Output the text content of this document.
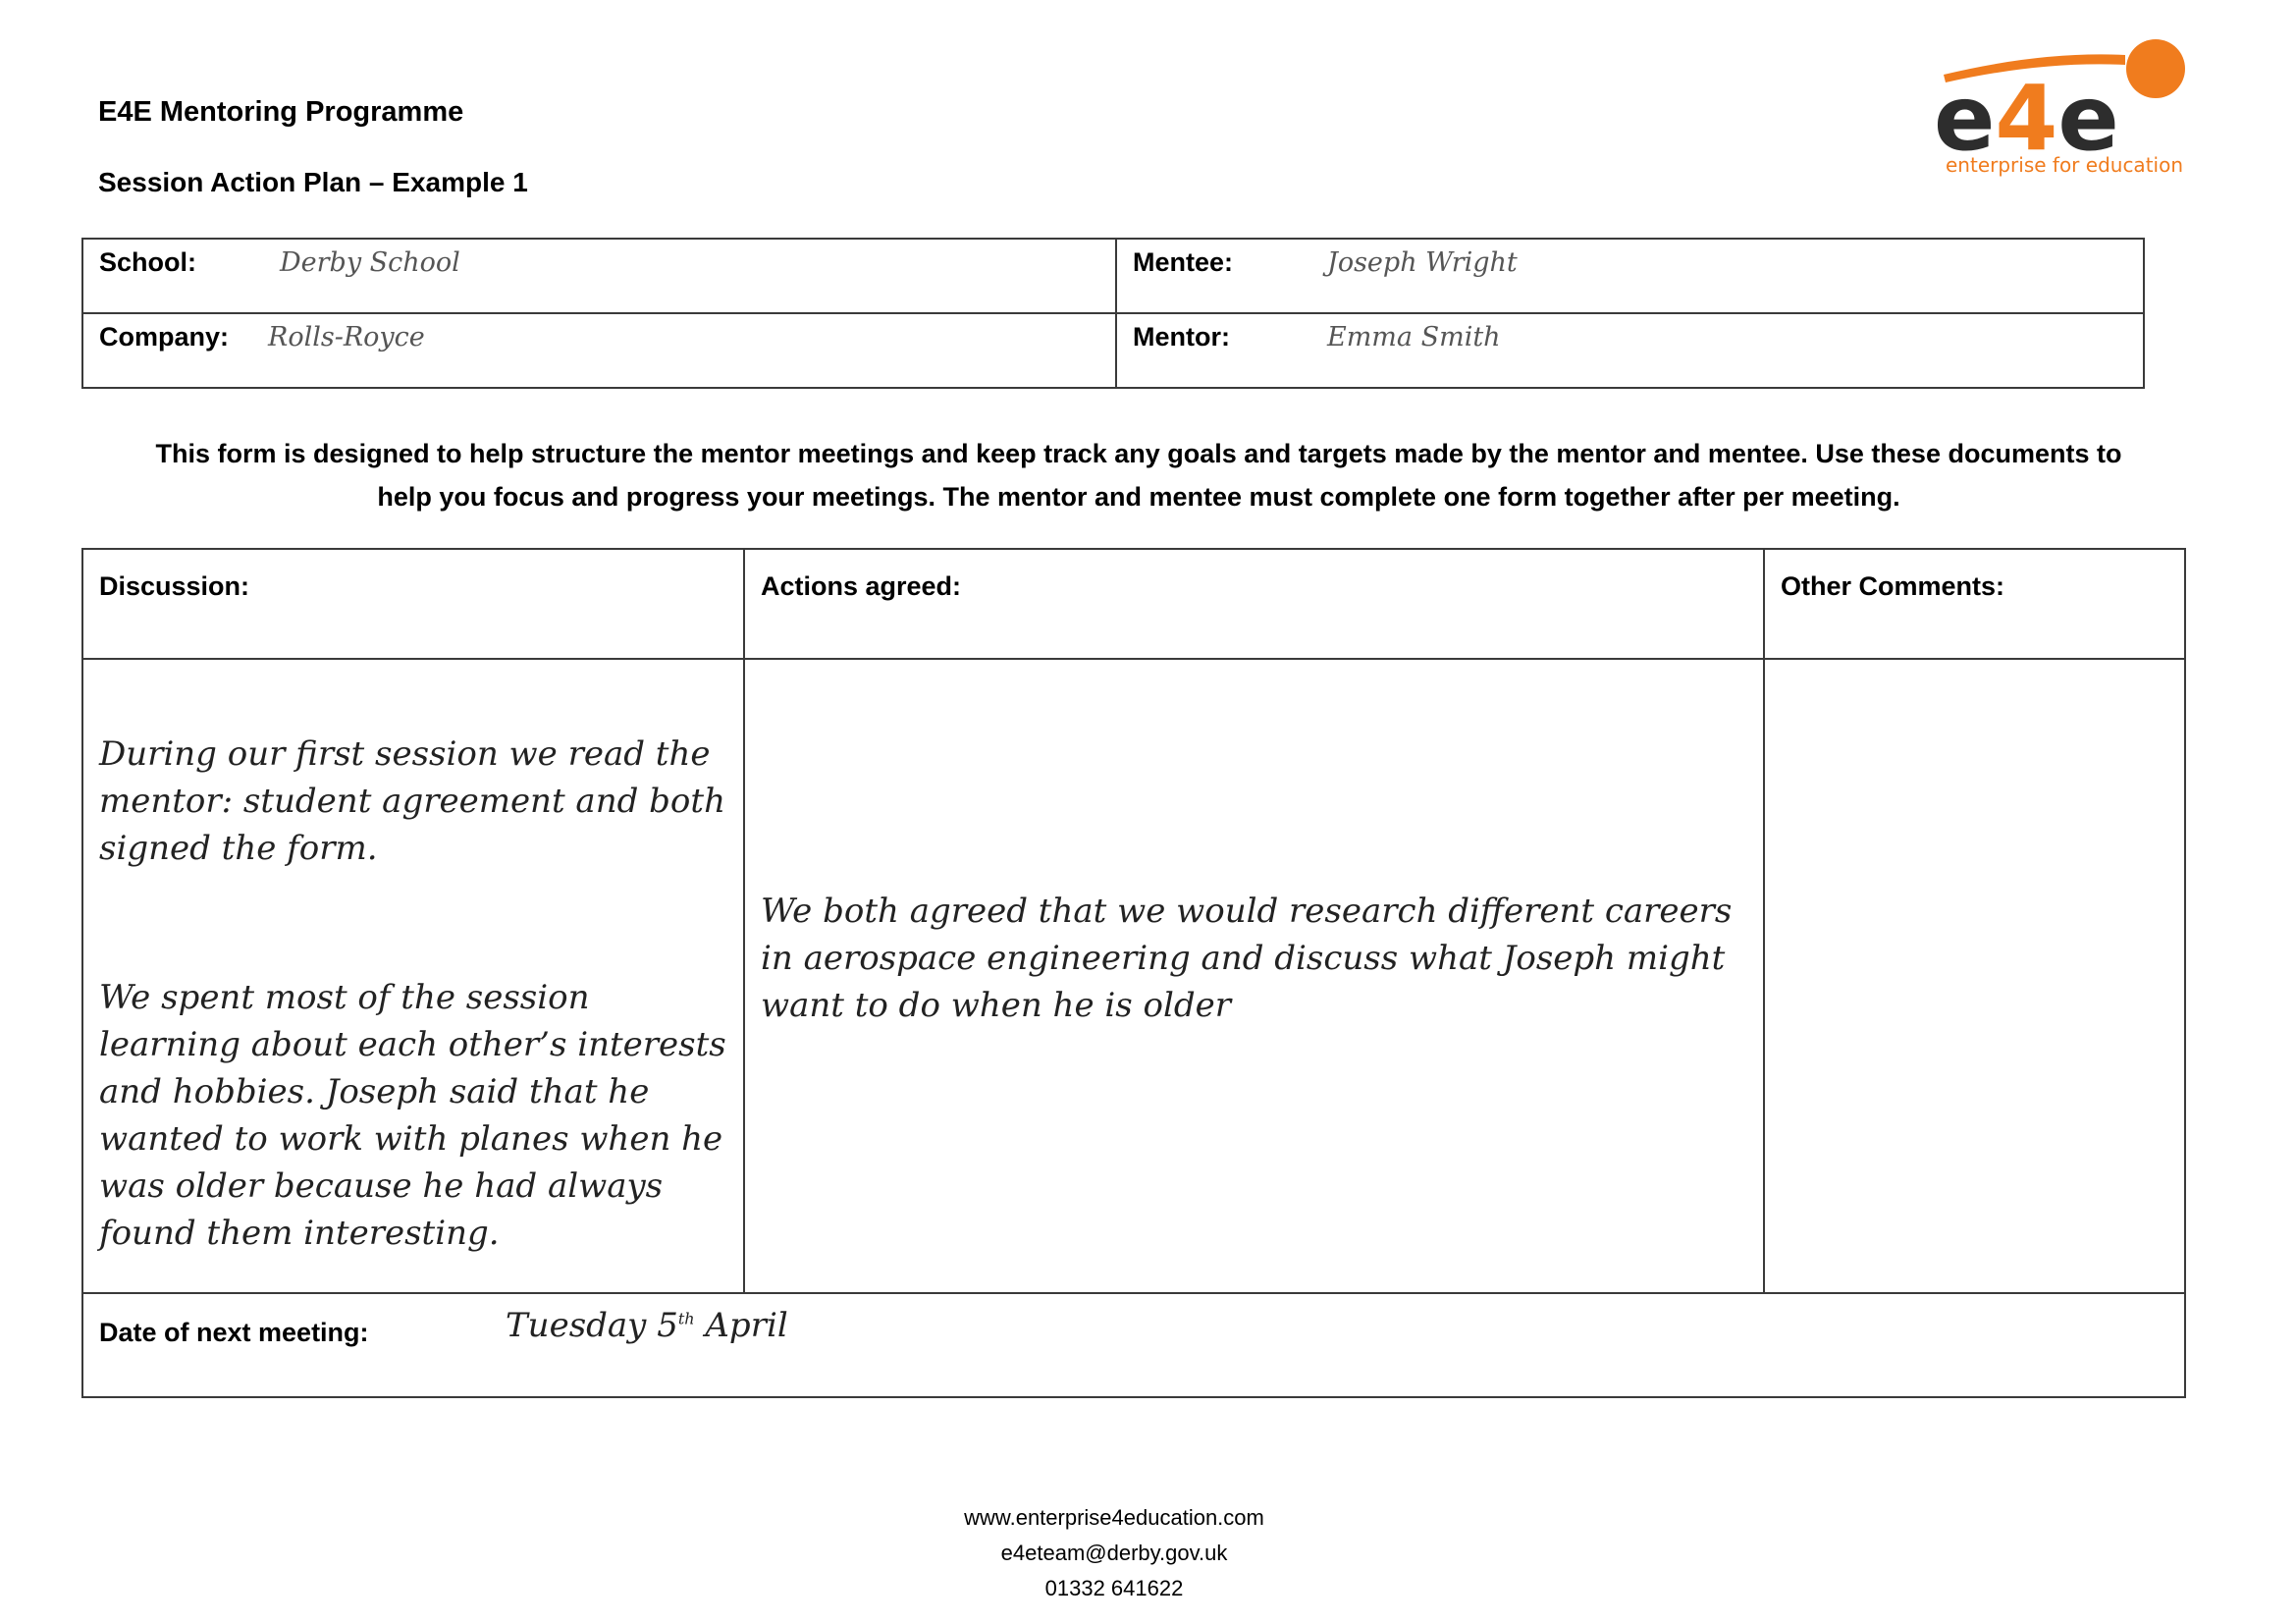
E4E Mentoring Programme
Session Action Plan – Example 1
e4e
enterprise for education
School: Derby School	Mentee: Joseph Wright

Company: Rolls-Royce	Mentor: Emma Smith
This form is designed to help structure the mentor meetings and keep track any goals and targets made by the mentor and mentee. Use these documents to
help you focus and progress your meetings. The mentor and mentee must complete one form together after per meeting.
Discussion:	Actions agreed:	Other Comments:

During our first session we read the mentor: student agreement and both signed the form.
We spent most of the session learning about each other’s interests and hobbies. Joseph said that he wanted to work with planes when he was older because he had always found them interesting.	We both agreed that we would research different careers in aerospace engineering and discuss what Joseph might want to do when he is older	

Date of next meeting: Tuesday 5th April		
www.enterprise4education.com
e4eteam@derby.gov.uk
01332 641622
